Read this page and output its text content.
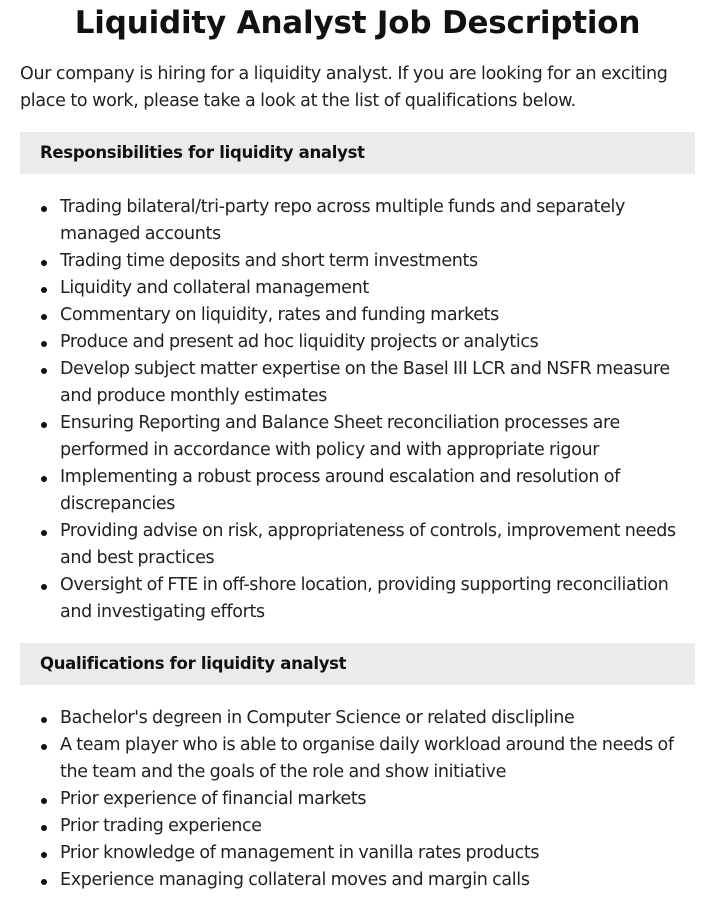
Liquidity Analyst Job Description

Our company is hiring for a liquidity analyst. If you are looking for an exciting place to work, please take a look at the list of qualifications below.

Responsibilities for liquidity analyst
Trading bilateral/tri-party repo across multiple funds and separately managed accounts
Trading time deposits and short term investments
Liquidity and collateral management
Commentary on liquidity, rates and funding markets
Produce and present ad hoc liquidity projects or analytics
Develop subject matter expertise on the Basel III LCR and NSFR measure and produce monthly estimates
Ensuring Reporting and Balance Sheet reconciliation processes are performed in accordance with policy and with appropriate rigour
Implementing a robust process around escalation and resolution of discrepancies
Providing advise on risk, appropriateness of controls, improvement needs and best practices
Oversight of FTE in off-shore location, providing supporting reconciliation and investigating efforts
Qualifications for liquidity analyst
Bachelor's degreen in Computer Science or related disclipline
A team player who is able to organise daily workload around the needs of the team and the goals of the role and show initiative
Prior experience of financial markets
Prior trading experience
Prior knowledge of management in vanilla rates products
Experience managing collateral moves and margin calls
